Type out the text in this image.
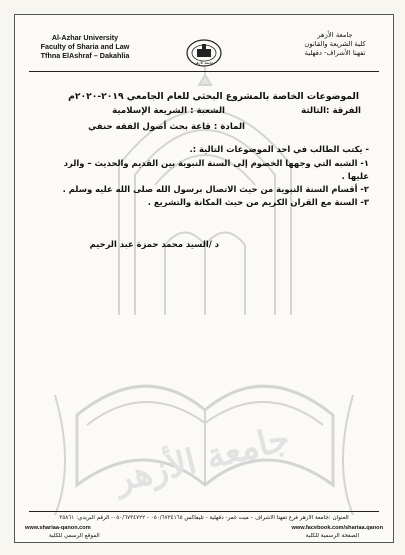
جامعة الأزهر
Al-Azhar University
Faculty of Sharia and Law
Tfhna ElAshraf – Dakahlia
جامعة الأزهر
جامعة الأزهر
كلية الشريعة والقانون
تفهنا الأشراف- دقهلية
الموضوعات الخاصة بالمشروع البحثي للعام الجامعي ٢٠١٩-٢٠٢٠م
الفرقة :الثالثة
الشعبة : الشريعة الإسلامية
المادة : قاعة بحث أصول الفقه حنفي
- يكتب الطالب في احد الموضوعات التالية :.
١- الشبه التي وجهها الخصوم إلى السنة النبوية بين القديم والحديث – والرد عليها .
٢- أقسام السنة النبوية من حيث الاتصال برسول الله صلى الله عليه وسلم .
٣- السنة مع القران الكريم من حيث المكانة والتشريع .
د /السيد محمد حمزة عبد الرحيم
العنوان :جامعة الأزهر فرع تفهنا الأشراف – ميت غمر- دقهلية - تليفاكس ٠٥٠/٦٧٣٤١٦٥ - ٠٥٠/٦٧٣٤٧٢٢- الرقم البريدي: ٣٥٨٦١
www.shariaa-qanon.com	www.facebook.com/shariaa.qanon
الموقع الرسمي للكلية	الصفحة الرسمية للكلية
